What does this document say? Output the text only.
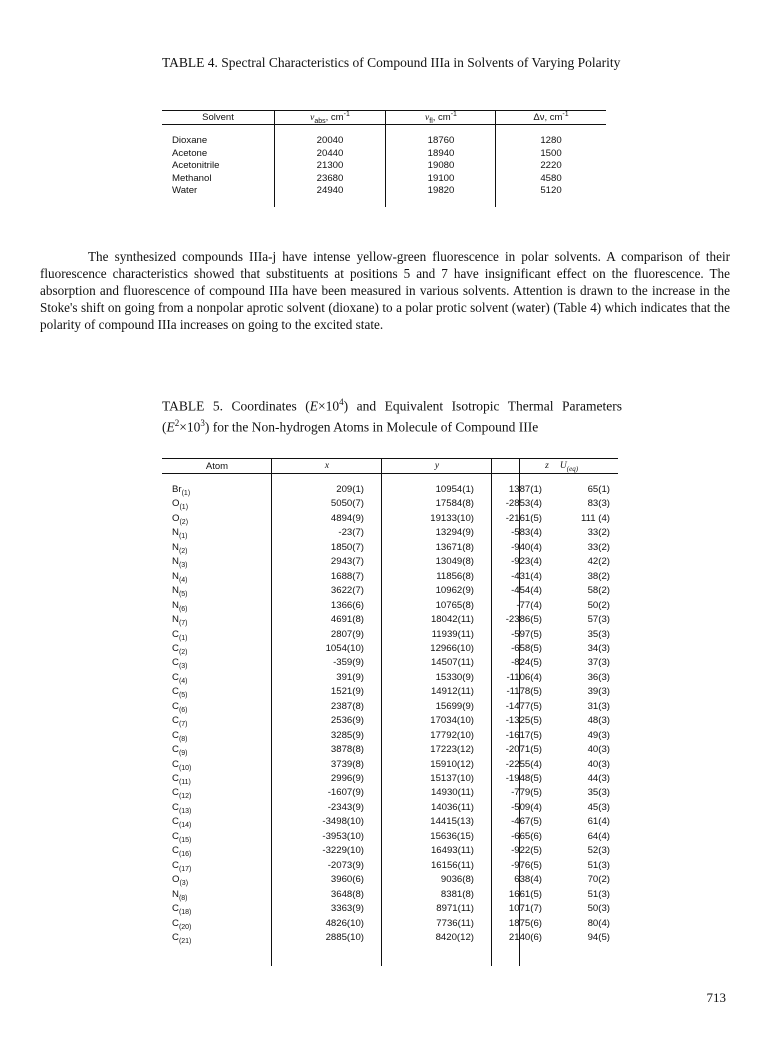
TABLE 4. Spectral Characteristics of Compound IIIa in Solvents of Varying Polarity
Solvent	$\nu_{abs}$, $cm^{-1}$	$\nu_{fl}$, $cm^{-1}$	Δν, $cm^{-1}$
Dioxane	20040	18760	1280
Acetone	20440	18940	1500
Acetonitrile	21300	19080	2220
Methanol	23680	19100	4580
Water	24940	19820	5120

The synthesized compounds IIIa-j have intense yellow-green fluorescence in polar solvents. A comparison of their fluorescence characteristics showed that substituents at positions 5 and 7 have insignificant effect on the fluorescence. The absorption and fluorescence of compound IIIa have been measured in various solvents. Attention is drawn to the increase in the Stoke's shift on going from a nonpolar aprotic solvent (dioxane) to a polar protic solvent (water) (Table 4) which indicates that the polarity of compound IIIa increases on going to the excited state.

TABLE 5. Coordinates $(E\times 10^4)$ and Equivalent Isotropic Thermal Parameters $(E^2\times 10^3)$ for the Non-hydrogen Atoms in Molecule of Compound IIIe
Atom	x	y	z	$U_{(eq)}$
$Br_{(1)}$	209(1)	10954(1)	1387(1)	65(1)
$O_{(1)}$	5050(7)	17584(8)	-2853(4)	83(3)
$O_{(2)}$	4894(9)	19133(10)	-2161(5)	111 (4)
$N_{(1)}$	-23(7)	13294(9)	-583(4)	33(2)
$N_{(2)}$	1850(7)	13671(8)	-940(4)	33(2)
$N_{(3)}$	2943(7)	13049(8)	-923(4)	42(2)
$N_{(4)}$	1688(7)	11856(8)	-431(4)	38(2)
$N_{(5)}$	3622(7)	10962(9)	-454(4)	58(2)
$N_{(6)}$	1366(6)	10765(8)	-77(4)	50(2)
$N_{(7)}$	4691(8)	18042(11)	-2386(5)	57(3)
$C_{(1)}$	2807(9)	11939(11)	-597(5)	35(3)
$C_{(2)}$	1054(10)	12966(10)	-658(5)	34(3)
$C_{(3)}$	-359(9)	14507(11)	-824(5)	37(3)
$C_{(4)}$	391(9)	15330(9)	-1106(4)	36(3)
$C_{(5)}$	1521(9)	14912(11)	-1178(5)	39(3)
$C_{(6)}$	2387(8)	15699(9)	-1477(5)	31(3)
$C_{(7)}$	2536(9)	17034(10)	-1325(5)	48(3)
$C_{(8)}$	3285(9)	17792(10)	-1617(5)	49(3)
$C_{(9)}$	3878(8)	17223(12)	-2071(5)	40(3)
$C_{(10)}$	3739(8)	15910(12)	-2255(4)	40(3)
$C_{(11)}$	2996(9)	15137(10)	-1948(5)	44(3)
$C_{(12)}$	-1607(9)	14930(11)	-779(5)	35(3)
$C_{(13)}$	-2343(9)	14036(11)	-509(4)	45(3)
$C_{(14)}$	-3498(10)	14415(13)	-467(5)	61(4)
$C_{(15)}$	-3953(10)	15636(15)	-665(6)	64(4)
$C_{(16)}$	-3229(10)	16493(11)	-922(5)	52(3)
$C_{(17)}$	-2073(9)	16156(11)	-976(5)	51(3)
$O_{(3)}$	3960(6)	9036(8)	638(4)	70(2)
$N_{(8)}$	3648(8)	8381(8)	1661(5)	51(3)
$C_{(18)}$	3363(9)	8971(11)	1071(7)	50(3)
$C_{(20)}$	4826(10)	7736(11)	1875(6)	80(4)
$C_{(21)}$	2885(10)	8420(12)	2140(6)	94(5)
713
